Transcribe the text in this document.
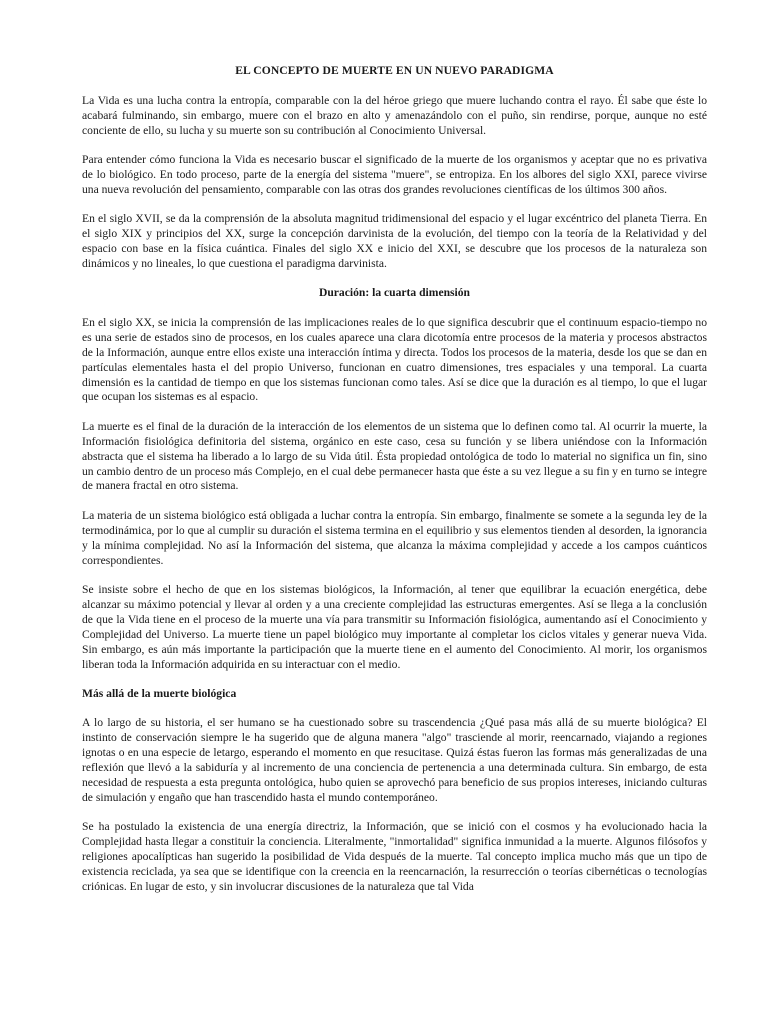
EL CONCEPTO DE MUERTE EN UN NUEVO PARADIGMA

La Vida es una lucha contra la entropía, comparable con la del héroe griego que muere luchando contra el rayo. Él sabe que éste lo acabará fulminando, sin embargo, muere con el brazo en alto y amenazándolo con el puño, sin rendirse, porque, aunque no esté conciente de ello, su lucha y su muerte son su contribución al Conocimiento Universal.

Para entender cómo funciona la Vida es necesario buscar el significado de la muerte de los organismos y aceptar que no es privativa de lo biológico. En todo proceso, parte de la energía del sistema "muere", se entropiza. En los albores del siglo XXI, parece vivirse una nueva revolución del pensamiento, comparable con las otras dos grandes revoluciones científicas de los últimos 300 años.

En el siglo XVII, se da la comprensión de la absoluta magnitud tridimensional del espacio y el lugar excéntrico del planeta Tierra. En el siglo XIX y principios del XX, surge la concepción darvinista de la evolución, del tiempo con la teoría de la Relatividad y del espacio con base en la física cuántica. Finales del siglo XX e inicio del XXI, se descubre que los procesos de la naturaleza son dinámicos y no lineales, lo que cuestiona el paradigma darvinista.

Duración: la cuarta dimensión

En el siglo XX, se inicia la comprensión de las implicaciones reales de lo que significa descubrir que el continuum espacio-tiempo no es una serie de estados sino de procesos, en los cuales aparece una clara dicotomía entre procesos de la materia y procesos abstractos de la Información, aunque entre ellos existe una interacción íntima y directa. Todos los procesos de la materia, desde los que se dan en partículas elementales hasta el del propio Universo, funcionan en cuatro dimensiones, tres espaciales y una temporal. La cuarta dimensión es la cantidad de tiempo en que los sistemas funcionan como tales. Así se dice que la duración es al tiempo, lo que el lugar que ocupan los sistemas es al espacio.

La muerte es el final de la duración de la interacción de los elementos de un sistema que lo definen como tal. Al ocurrir la muerte, la Información fisiológica definitoria del sistema, orgánico en este caso, cesa su función y se libera uniéndose con la Información abstracta que el sistema ha liberado a lo largo de su Vida útil. Ésta propiedad ontológica de todo lo material no significa un fin, sino un cambio dentro de un proceso más Complejo, en el cual debe permanecer hasta que éste a su vez llegue a su fin y en turno se integre de manera fractal en otro sistema.

La materia de un sistema biológico está obligada a luchar contra la entropía. Sin embargo, finalmente se somete a la segunda ley de la termodinámica, por lo que al cumplir su duración el sistema termina en el equilibrio y sus elementos tienden al desorden, la ignorancia y la mínima complejidad. No así la Información del sistema, que alcanza la máxima complejidad y accede a los campos cuánticos correspondientes.

Se insiste sobre el hecho de que en los sistemas biológicos, la Información, al tener que equilibrar la ecuación energética, debe alcanzar su máximo potencial y llevar al orden y a una creciente complejidad las estructuras emergentes. Así se llega a la conclusión de que la Vida tiene en el proceso de la muerte una vía para transmitir su Información fisiológica, aumentando así el Conocimiento y Complejidad del Universo. La muerte tiene un papel biológico muy importante al completar los ciclos vitales y generar nueva Vida. Sin embargo, es aún más importante la participación que la muerte tiene en el aumento del Conocimiento. Al morir, los organismos liberan toda la Información adquirida en su interactuar con el medio.

Más allá de la muerte biológica

A lo largo de su historia, el ser humano se ha cuestionado sobre su trascendencia ¿Qué pasa más allá de su muerte biológica? El instinto de conservación siempre le ha sugerido que de alguna manera "algo" trasciende al morir, reencarnado, viajando a regiones ignotas o en una especie de letargo, esperando el momento en que resucitase. Quizá éstas fueron las formas más generalizadas de una reflexión que llevó a la sabiduría y al incremento de una conciencia de pertenencia a una determinada cultura. Sin embargo, de esta necesidad de respuesta a esta pregunta ontológica, hubo quien se aprovechó para beneficio de sus propios intereses, iniciando culturas de simulación y engaño que han trascendido hasta el mundo contemporáneo.

Se ha postulado la existencia de una energía directriz, la Información, que se inició con el cosmos y ha evolucionado hacia la Complejidad hasta llegar a constituir la conciencia. Literalmente, "inmortalidad" significa inmunidad a la muerte. Algunos filósofos y religiones apocalípticas han sugerido la posibilidad de Vida después de la muerte. Tal concepto implica mucho más que un tipo de existencia reciclada, ya sea que se identifique con la creencia en la reencarnación, la resurrección o teorías cibernéticas o tecnologías criónicas. En lugar de esto, y sin involucrar discusiones de la naturaleza que tal Vida
